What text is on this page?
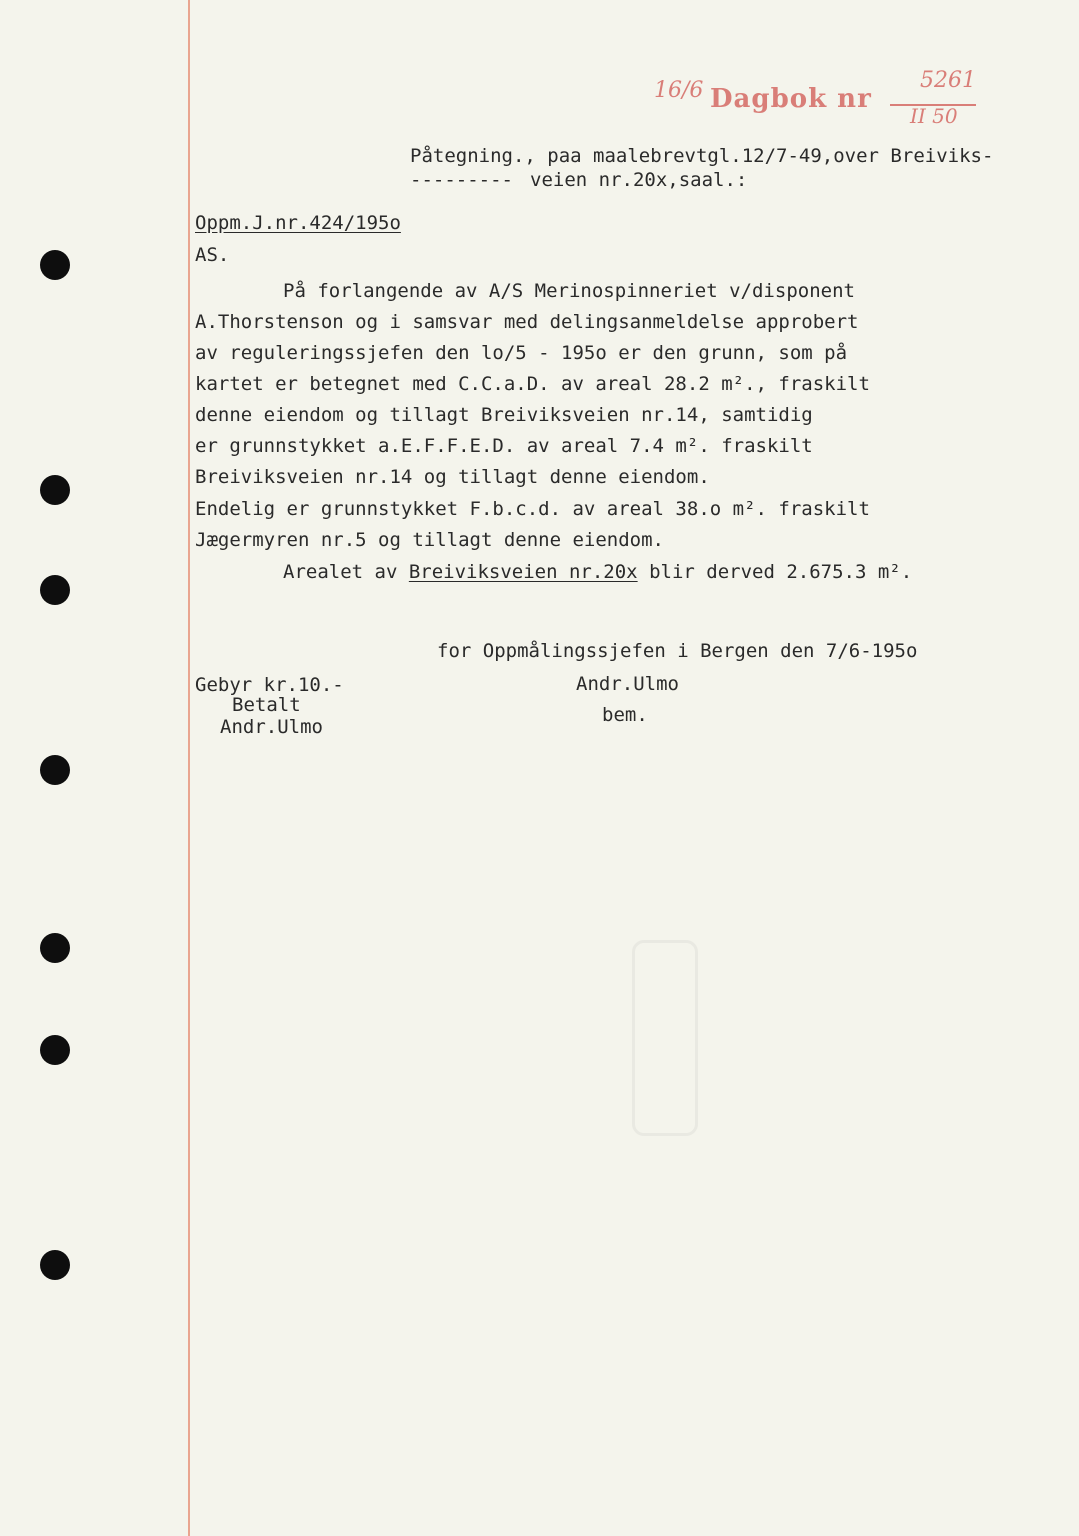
16/6 Dagbok nr
5261
II 50
Påtegning., paa maalebrevtgl.12/7-49,over Breiviks-
--------- veien nr.20x,saal.:
Oppm.J.nr.424/195o
AS.
På forlangende av A/S Merinospinneriet v/disponent
A.Thorstenson og i samsvar med delingsanmeldelse approbert
av reguleringssjefen den lo/5 - 195o er den grunn, som på
kartet er betegnet med C.C.a.D. av areal 28.2 m²., fraskilt
denne eiendom og tillagt Breiviksveien nr.14, samtidig
er grunnstykket a.E.F.F.E.D. av areal 7.4 m². fraskilt
Breiviksveien nr.14 og tillagt denne eiendom.
Endelig er grunnstykket F.b.c.d. av areal 38.o m². fraskilt
Jægermyren nr.5 og tillagt denne eiendom.
Arealet av Breiviksveien nr.20x blir derved 2.675.3 m².
for Oppmålingssjefen i Bergen den 7/6-195o
Andr.Ulmo
bem.
Gebyr kr.10.-
Betalt
Andr.Ulmo
